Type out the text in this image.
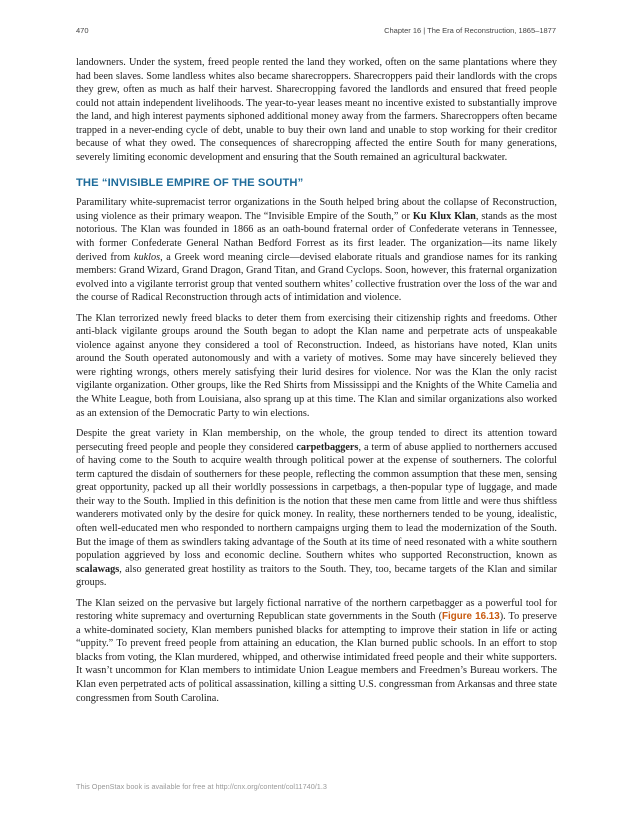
470	Chapter 16 | The Era of Reconstruction, 1865–1877

landowners. Under the system, freed people rented the land they worked, often on the same plantations where they had been slaves. Some landless whites also became sharecroppers. Sharecroppers paid their landlords with the crops they grew, often as much as half their harvest. Sharecropping favored the landlords and ensured that freed people could not attain independent livelihoods. The year-to-year leases meant no incentive existed to substantially improve the land, and high interest payments siphoned additional money away from the farmers. Sharecroppers often became trapped in a never-ending cycle of debt, unable to buy their own land and unable to stop working for their creditor because of what they owed. The consequences of sharecropping affected the entire South for many generations, severely limiting economic development and ensuring that the South remained an agricultural backwater.

THE “INVISIBLE EMPIRE OF THE SOUTH”

Paramilitary white-supremacist terror organizations in the South helped bring about the collapse of Reconstruction, using violence as their primary weapon. The “Invisible Empire of the South,” or Ku Klux Klan, stands as the most notorious. The Klan was founded in 1866 as an oath-bound fraternal order of Confederate veterans in Tennessee, with former Confederate General Nathan Bedford Forrest as its first leader. The organization—its name likely derived from kuklos, a Greek word meaning circle—devised elaborate rituals and grandiose names for its ranking members: Grand Wizard, Grand Dragon, Grand Titan, and Grand Cyclops. Soon, however, this fraternal organization evolved into a vigilante terrorist group that vented southern whites’ collective frustration over the loss of the war and the course of Radical Reconstruction through acts of intimidation and violence.

The Klan terrorized newly freed blacks to deter them from exercising their citizenship rights and freedoms. Other anti-black vigilante groups around the South began to adopt the Klan name and perpetrate acts of unspeakable violence against anyone they considered a tool of Reconstruction. Indeed, as historians have noted, Klan units around the South operated autonomously and with a variety of motives. Some may have sincerely believed they were righting wrongs, others merely satisfying their lurid desires for violence. Nor was the Klan the only racist vigilante organization. Other groups, like the Red Shirts from Mississippi and the Knights of the White Camelia and the White League, both from Louisiana, also sprang up at this time. The Klan and similar organizations also worked as an extension of the Democratic Party to win elections.

Despite the great variety in Klan membership, on the whole, the group tended to direct its attention toward persecuting freed people and people they considered carpetbaggers, a term of abuse applied to northerners accused of having come to the South to acquire wealth through political power at the expense of southerners. The colorful term captured the disdain of southerners for these people, reflecting the common assumption that these men, sensing great opportunity, packed up all their worldly possessions in carpetbags, a then-popular type of luggage, and made their way to the South. Implied in this definition is the notion that these men came from little and were thus shiftless wanderers motivated only by the desire for quick money. In reality, these northerners tended to be young, idealistic, often well-educated men who responded to northern campaigns urging them to lead the modernization of the South. But the image of them as swindlers taking advantage of the South at its time of need resonated with a white southern population aggrieved by loss and economic decline. Southern whites who supported Reconstruction, known as scalawags, also generated great hostility as traitors to the South. They, too, became targets of the Klan and similar groups.

The Klan seized on the pervasive but largely fictional narrative of the northern carpetbagger as a powerful tool for restoring white supremacy and overturning Republican state governments in the South (Figure 16.13). To preserve a white-dominated society, Klan members punished blacks for attempting to improve their station in life or acting “uppity.” To prevent freed people from attaining an education, the Klan burned public schools. In an effort to stop blacks from voting, the Klan murdered, whipped, and otherwise intimidated freed people and their white supporters. It wasn’t uncommon for Klan members to intimidate Union League members and Freedmen’s Bureau workers. The Klan even perpetrated acts of political assassination, killing a sitting U.S. congressman from Arkansas and three state congressmen from South Carolina.

This OpenStax book is available for free at http://cnx.org/content/col11740/1.3
